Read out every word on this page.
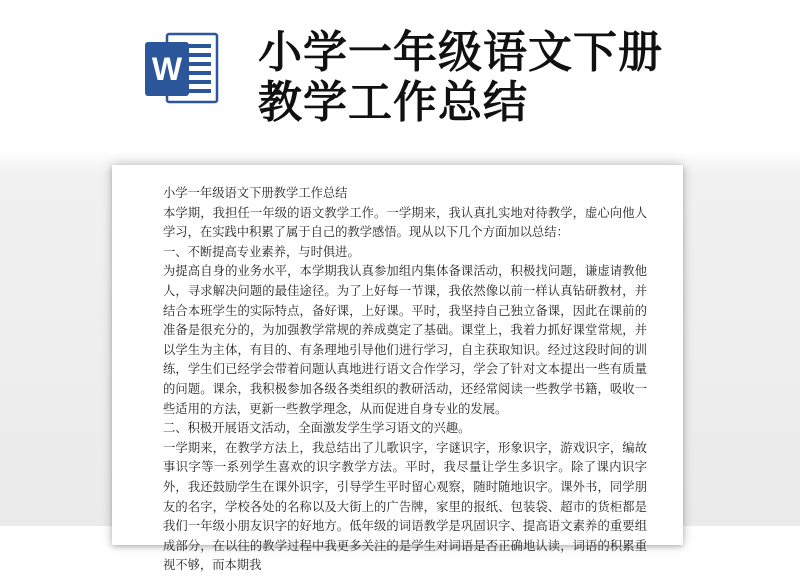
W 小学一年级语文下册
教学工作总结

小学一年级语文下册教学工作总结

本学期，我担任一年级的语文教学工作。一学期来，我认真扎实地对待教学，虚心向他人学习，在实践中积累了属于自己的教学感悟。现从以下几个方面加以总结：

一、不断提高专业素养，与时俱进。

为提高自身的业务水平，本学期我认真参加组内集体备课活动，积极找问题，谦虚请教他人，寻求解决问题的最佳途径。为了上好每一节课，我依然像以前一样认真钻研教材，并结合本班学生的实际特点，备好课，上好课。平时，我坚持自己独立备课，因此在课前的准备是很充分的，为加强教学常规的养成奠定了基础。课堂上，我着力抓好课堂常规，并以学生为主体，有目的、有条理地引导他们进行学习，自主获取知识。经过这段时间的训练，学生们已经学会带着问题认真地进行语文合作学习，学会了针对文本提出一些有质量的问题。课余，我积极参加各级各类组织的教研活动，还经常阅读一些教学书籍，吸收一些适用的方法，更新一些教学理念，从而促进自身专业的发展。

二、积极开展语文活动，全面激发学生学习语文的兴趣。

一学期来，在教学方法上，我总结出了儿歌识字，字谜识字，形象识字，游戏识字，编故事识字等一系列学生喜欢的识字教学方法。平时，我尽量让学生多识字。除了课内识字外，我还鼓励学生在课外识字，引导学生平时留心观察，随时随地识字。课外书，同学朋友的名字，学校各处的名称以及大街上的广告牌，家里的报纸、包装袋、超市的货柜都是我们一年级小朋友识字的好地方。低年级的词语教学是巩固识字、提高语文素养的重要组成部分，在以往的教学过程中我更多关注的是学生对词语是否正确地认读，词语的积累重视不够，而本期我
